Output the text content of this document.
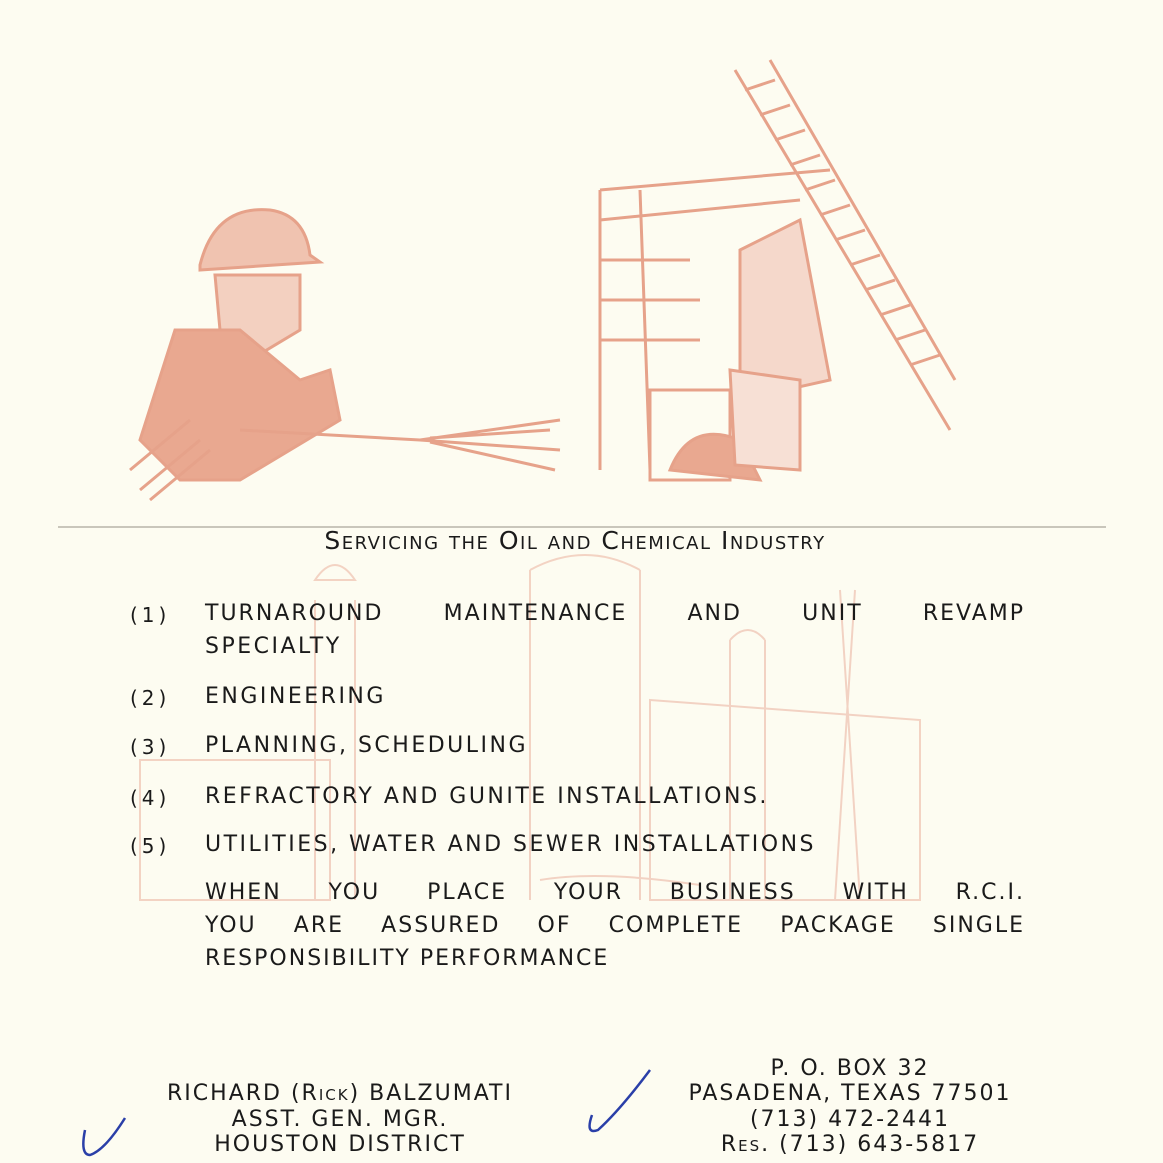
Servicing the Oil and Chemical Industry
(1) TURNAROUND MAINTENANCE AND UNIT REVAMP
SPECIALTY
(2) ENGINEERING
(3) PLANNING, SCHEDULING
(4) REFRACTORY AND GUNITE INSTALLATIONS.
(5) UTILITIES, WATER AND SEWER INSTALLATIONS
WHEN YOU PLACE YOUR BUSINESS WITH R.C.I.
YOU ARE ASSURED OF COMPLETE PACKAGE SINGLE
RESPONSIBILITY PERFORMANCE
RICHARD (Rick) BALZUMATI
ASST. GEN. MGR.
HOUSTON DISTRICT
P. O. BOX 32
PASADENA, TEXAS 77501
(713) 472-2441
Res. (713) 643-5817
